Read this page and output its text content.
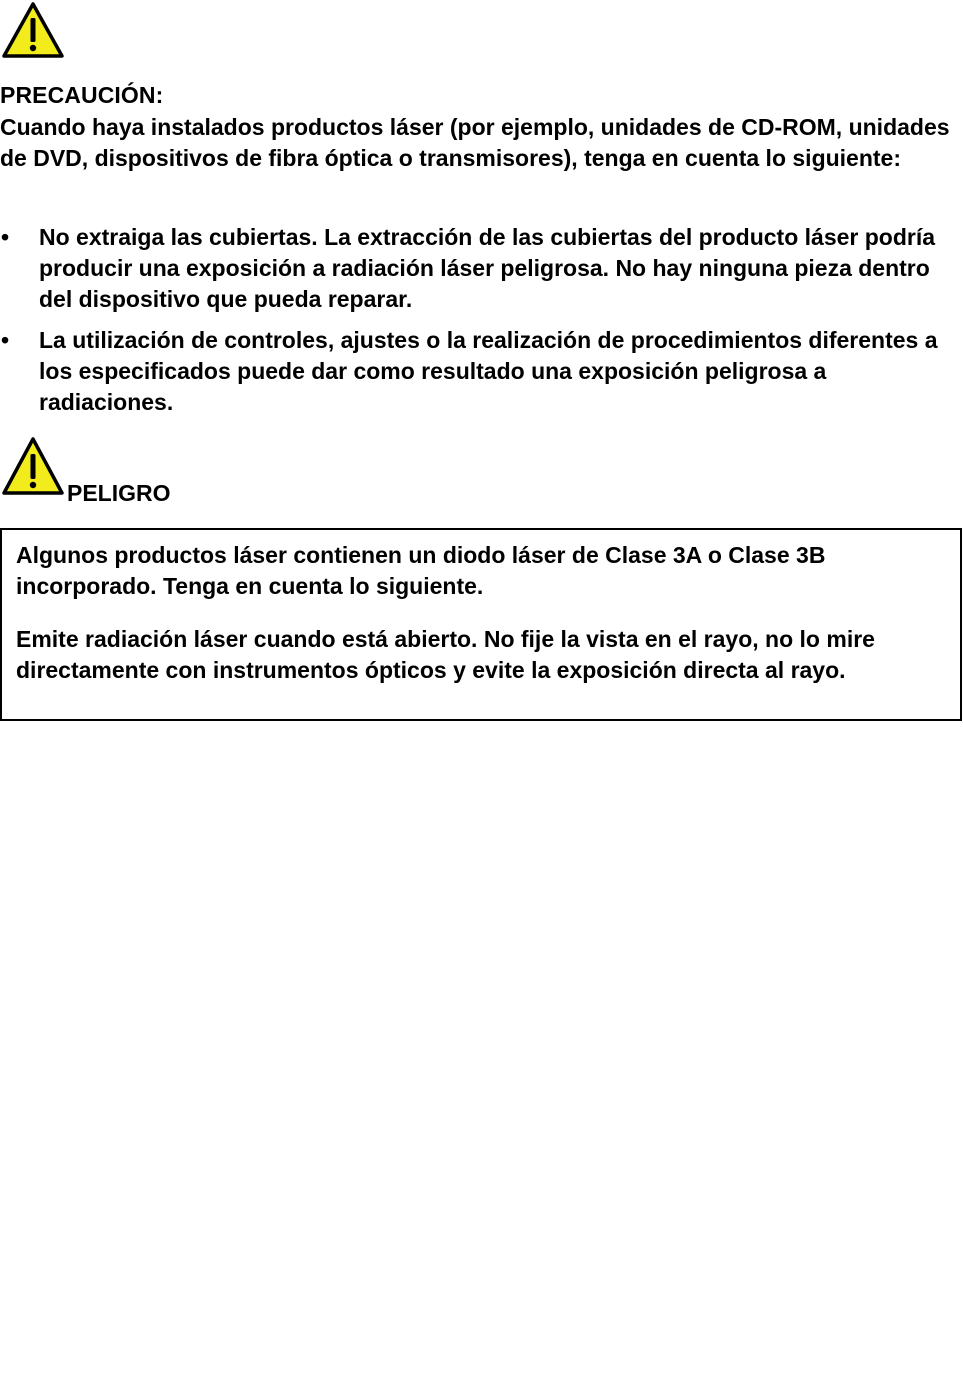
PRECAUCIÓN:
Cuando haya instalados productos láser (por ejemplo, unidades de CD-ROM, unidades de DVD, dispositivos de fibra óptica o transmisores), tenga en cuenta lo siguiente:
• No extraiga las cubiertas. La extracción de las cubiertas del producto láser podría producir una exposición a radiación láser peligrosa. No hay ninguna pieza dentro del dispositivo que pueda reparar.
• La utilización de controles, ajustes o la realización de procedimientos diferentes a los especificados puede dar como resultado una exposición peligrosa a radiaciones.
PELIGRO

Algunos productos láser contienen un diodo láser de Clase 3A o Clase 3B incorporado. Tenga en cuenta lo siguiente.

Emite radiación láser cuando está abierto. No fije la vista en el rayo, no lo mire directamente con instrumentos ópticos y evite la exposición directa al rayo.
